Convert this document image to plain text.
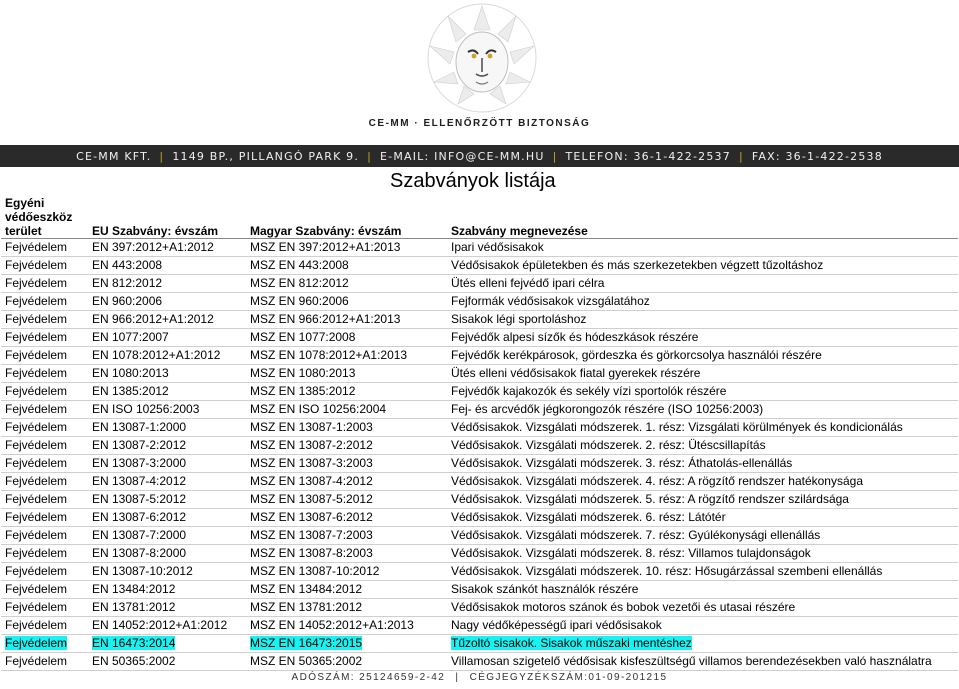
CE-MM · ELLENŐRZÖTT BIZTONSÁG
CE-MM KFT. | 1149 BP., PILLANGÓ PARK 9. | E-MAIL: INFO@CE-MM.HU | TELEFON: 36-1-422-2537 | FAX: 36-1-422-2538
Szabványok listája
Egyéni védőeszköz terület	EU Szabvány: évszám	Magyar Szabvány: évszám	Szabvány megnevezése
Fejvédelem	EN 397:2012+A1:2012	MSZ EN 397:2012+A1:2013	Ipari védősisakok
Fejvédelem	EN 443:2008	MSZ EN 443:2008	Védősisakok épületekben és más szerkezetekben végzett tűzoltáshoz
Fejvédelem	EN 812:2012	MSZ EN 812:2012	Ütés elleni fejvédő ipari célra
Fejvédelem	EN 960:2006	MSZ EN 960:2006	Fejformák védősisakok vizsgálatához
Fejvédelem	EN 966:2012+A1:2012	MSZ EN 966:2012+A1:2013	Sisakok légi sportoláshoz
Fejvédelem	EN 1077:2007	MSZ EN 1077:2008	Fejvédők alpesi sízők és hódeszkások részére
Fejvédelem	EN 1078:2012+A1:2012	MSZ EN 1078:2012+A1:2013	Fejvédők kerékpárosok, gördeszka és görkorcsolya használói részére
Fejvédelem	EN 1080:2013	MSZ EN 1080:2013	Ütés elleni védősisakok fiatal gyerekek részére
Fejvédelem	EN 1385:2012	MSZ EN 1385:2012	Fejvédők kajakozók és sekély vízi sportolók részére
Fejvédelem	EN ISO 10256:2003	MSZ EN ISO 10256:2004	Fej- és arcvédők jégkorongozók részére (ISO 10256:2003)
Fejvédelem	EN 13087-1:2000	MSZ EN 13087-1:2003	Védősisakok. Vizsgálati módszerek. 1. rész: Vizsgálati körülmények és kondicionálás
Fejvédelem	EN 13087-2:2012	MSZ EN 13087-2:2012	Védősisakok. Vizsgálati módszerek. 2. rész: Ütéscsillapítás
Fejvédelem	EN 13087-3:2000	MSZ EN 13087-3:2003	Védősisakok. Vizsgálati módszerek. 3. rész: Áthatolás-ellenállás
Fejvédelem	EN 13087-4:2012	MSZ EN 13087-4:2012	Védősisakok. Vizsgálati módszerek. 4. rész: A rögzítő rendszer hatékonysága
Fejvédelem	EN 13087-5:2012	MSZ EN 13087-5:2012	Védősisakok. Vizsgálati módszerek. 5. rész: A rögzítő rendszer szilárdsága
Fejvédelem	EN 13087-6:2012	MSZ EN 13087-6:2012	Védősisakok. Vizsgálati módszerek. 6. rész: Látótér
Fejvédelem	EN 13087-7:2000	MSZ EN 13087-7:2003	Védősisakok. Vizsgálati módszerek. 7. rész: Gyúlékonysági ellenállás
Fejvédelem	EN 13087-8:2000	MSZ EN 13087-8:2003	Védősisakok. Vizsgálati módszerek. 8. rész: Villamos tulajdonságok
Fejvédelem	EN 13087-10:2012	MSZ EN 13087-10:2012	Védősisakok. Vizsgálati módszerek. 10. rész: Hősugárzással szembeni ellenállás
Fejvédelem	EN 13484:2012	MSZ EN 13484:2012	Sisakok szánkót használók részére
Fejvédelem	EN 13781:2012	MSZ EN 13781:2012	Védősisakok motoros szánok és bobok vezetői és utasai részére
Fejvédelem	EN 14052:2012+A1:2012	MSZ EN 14052:2012+A1:2013	Nagy védőképességű ipari védősisakok
Fejvédelem	EN 16473:2014	MSZ EN 16473:2015	Tűzoltó sisakok. Sisakok műszaki mentéshez
Fejvédelem	EN 50365:2002	MSZ EN 50365:2002	Villamosan szigetelő védősisak kisfeszültségű villamos berendezésekben való használatra
ADÓSZÁM: 25124659-2-42 | CÉGJEGYZÉKSZÁM:01-09-201215
